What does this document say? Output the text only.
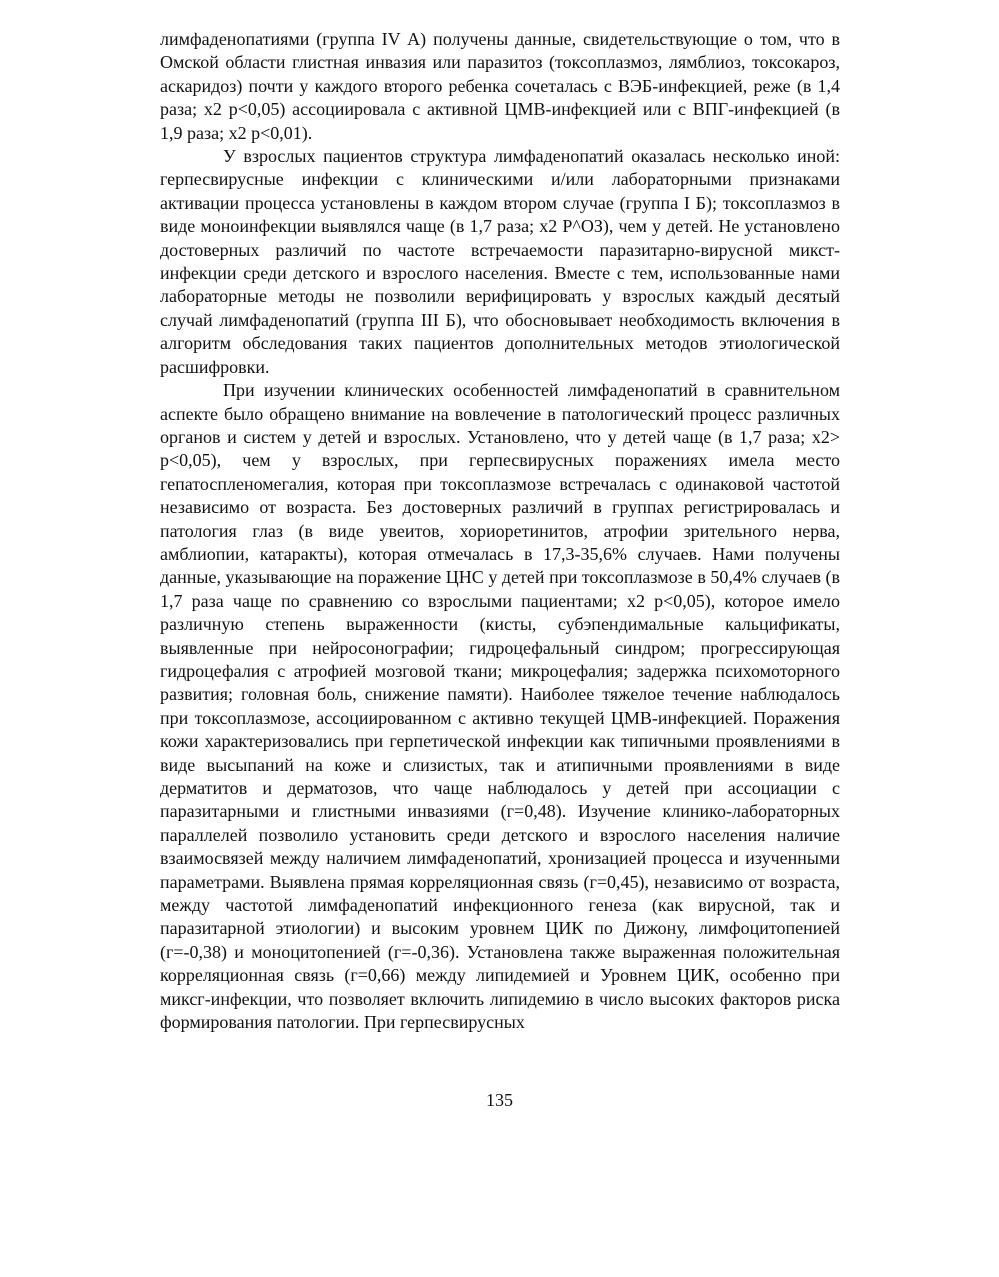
лимфаденопатиями (группа IV А) получены данные, свидетельствующие о том, что в Омской области глистная инвазия или паразитоз (токсоплазмоз, лямблиоз, токсокароз, аскаридоз) почти у каждого второго ребенка сочеталась с ВЭБ-инфекцией, реже (в 1,4 раза; х2 р<0,05) ассоциировала с активной ЦМВ-инфекцией или с ВПГ-инфекцией (в 1,9 раза; х2 р<0,01).

У взрослых пациентов структура лимфаденопатий оказалась несколько иной: герпесвирусные инфекции с клиническими и/или лабораторными признаками активации процесса установлены в каждом втором случае (группа I Б); токсоплазмоз в виде моноинфекции выявлялся чаще (в 1,7 раза; х2 Р^ОЗ), чем у детей. Не установлено достоверных различий по частоте встречаемости паразитарно-вирусной микст-инфекции среди детского и взрослого населения. Вместе с тем, использованные нами лабораторные методы не позволили верифицировать у взрослых каждый десятый случай лимфаденопатий (группа III Б), что обосновывает необходимость включения в алгоритм обследования таких пациентов дополнительных методов этиологической расшифровки.

При изучении клинических особенностей лимфаденопатий в сравнительном аспекте было обращено внимание на вовлечение в патологический процесс различных органов и систем у детей и взрослых. Установлено, что у детей чаще (в 1,7 раза; х2> р<0,05), чем у взрослых, при герпесвирусных поражениях имела место гепатоспленомегалия, которая при токсоплазмозе встречалась с одинаковой частотой независимо от возраста. Без достоверных различий в группах регистрировалась и патология глаз (в виде увеитов, хориоретинитов, атрофии зрительного нерва, амблиопии, катаракты), которая отмечалась в 17,3-35,6% случаев. Нами получены данные, указывающие на поражение ЦНС у детей при токсоплазмозе в 50,4% случаев (в 1,7 раза чаще по сравнению со взрослыми пациентами; х2 р<0,05), которое имело различную степень выраженности (кисты, субэпендимальные кальцификаты, выявленные при нейросонографии; гидроцефальный синдром; прогрессирующая гидроцефалия с атрофией мозговой ткани; микроцефалия; задержка психомоторного развития; головная боль, снижение памяти). Наиболее тяжелое течение наблюдалось при токсоплазмозе, ассоциированном с активно текущей ЦМВ-инфекцией. Поражения кожи характеризовались при герпетической инфекции как типичными проявлениями в виде высыпаний на коже и слизистых, так и атипичными проявлениями в виде дерматитов и дерматозов, что чаще наблюдалось у детей при ассоциации с паразитарными и глистными инвазиями (г=0,48). Изучение клинико-лабораторных параллелей позволило установить среди детского и взрослого населения наличие взаимосвязей между наличием лимфаденопатий, хронизацией процесса и изученными параметрами. Выявлена прямая корреляционная связь (г=0,45), независимо от возраста, между частотой лимфаденопатий инфекционного генеза (как вирусной, так и паразитарной этиологии) и высоким уровнем ЦИК по Дижону, лимфоцитопенией (г=-0,38) и моноцитопенией (г=-0,36). Установлена также выраженная положительная корреляционная связь (г=0,66) между липидемией и Уровнем ЦИК, особенно при миксг-инфекции, что позволяет включить липидемию в число высоких факторов риска формирования патологии. При герпесвирусных

135
